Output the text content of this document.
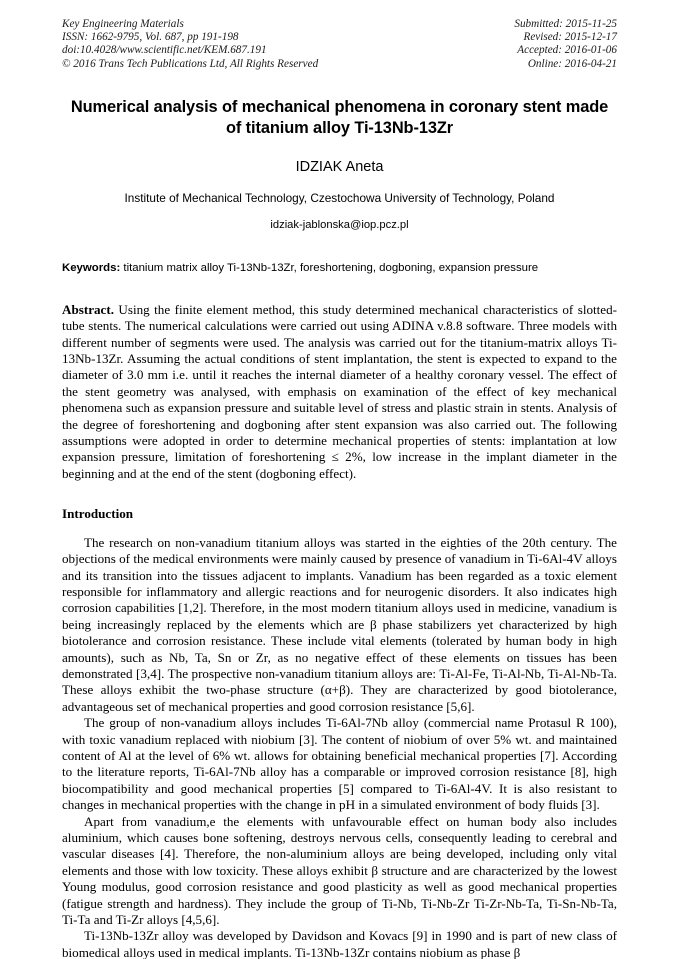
Key Engineering Materials
ISSN: 1662-9795, Vol. 687, pp 191-198
doi:10.4028/www.scientific.net/KEM.687.191
© 2016 Trans Tech Publications Ltd, All Rights Reserved
Submitted: 2015-11-25
Revised: 2015-12-17
Accepted: 2016-01-06
Online: 2016-04-21
Numerical analysis of mechanical phenomena in coronary stent made of titanium alloy Ti-13Nb-13Zr
IDZIAK Aneta
Institute of Mechanical Technology, Czestochowa University of Technology, Poland
idziak-jablonska@iop.pcz.pl
Keywords: titanium matrix alloy Ti-13Nb-13Zr, foreshortening, dogboning, expansion pressure
Abstract. Using the finite element method, this study determined mechanical characteristics of slotted-tube stents. The numerical calculations were carried out using ADINA v.8.8 software. Three models with different number of segments were used. The analysis was carried out for the titanium-matrix alloys Ti-13Nb-13Zr. Assuming the actual conditions of stent implantation, the stent is expected to expand to the diameter of 3.0 mm i.e. until it reaches the internal diameter of a healthy coronary vessel. The effect of the stent geometry was analysed, with emphasis on examination of the effect of key mechanical phenomena such as expansion pressure and suitable level of stress and plastic strain in stents. Analysis of the degree of foreshortening and dogboning after stent expansion was also carried out. The following assumptions were adopted in order to determine mechanical properties of stents: implantation at low expansion pressure, limitation of foreshortening ≤ 2%, low increase in the implant diameter in the beginning and at the end of the stent (dogboning effect).
Introduction

The research on non-vanadium titanium alloys was started in the eighties of the 20th century. The objections of the medical environments were mainly caused by presence of vanadium in Ti-6Al-4V alloys and its transition into the tissues adjacent to implants. Vanadium has been regarded as a toxic element responsible for inflammatory and allergic reactions and for neurogenic disorders. It also indicates high corrosion capabilities [1,2]. Therefore, in the most modern titanium alloys used in medicine, vanadium is being increasingly replaced by the elements which are β phase stabilizers yet characterized by high biotolerance and corrosion resistance. These include vital elements (tolerated by human body in high amounts), such as Nb, Ta, Sn or Zr, as no negative effect of these elements on tissues has been demonstrated [3,4]. The prospective non-vanadium titanium alloys are: Ti-Al-Fe, Ti-Al-Nb, Ti-Al-Nb-Ta. These alloys exhibit the two-phase structure (α+β). They are characterized by good biotolerance, advantageous set of mechanical properties and good corrosion resistance [5,6].

The group of non-vanadium alloys includes Ti-6Al-7Nb alloy (commercial name Protasul R 100), with toxic vanadium replaced with niobium [3]. The content of niobium of over 5% wt. and maintained content of Al at the level of 6% wt. allows for obtaining beneficial mechanical properties [7]. According to the literature reports, Ti-6Al-7Nb alloy has a comparable or improved corrosion resistance [8], high biocompatibility and good mechanical properties [5] compared to Ti-6Al-4V. It is also resistant to changes in mechanical properties with the change in pH in a simulated environment of body fluids [3].

Apart from vanadium,e the elements with unfavourable effect on human body also includes aluminium, which causes bone softening, destroys nervous cells, consequently leading to cerebral and vascular diseases [4]. Therefore, the non-aluminium alloys are being developed, including only vital elements and those with low toxicity. These alloys exhibit β structure and are characterized by the lowest Young modulus, good corrosion resistance and good plasticity as well as good mechanical properties (fatigue strength and hardness). They include the group of Ti-Nb, Ti-Nb-Zr Ti-Zr-Nb-Ta, Ti-Sn-Nb-Ta, Ti-Ta and Ti-Zr alloys [4,5,6].

Ti-13Nb-13Zr alloy was developed by Davidson and Kovacs [9] in 1990 and is part of new class of biomedical alloys used in medical implants. Ti-13Nb-13Zr contains niobium as phase β
